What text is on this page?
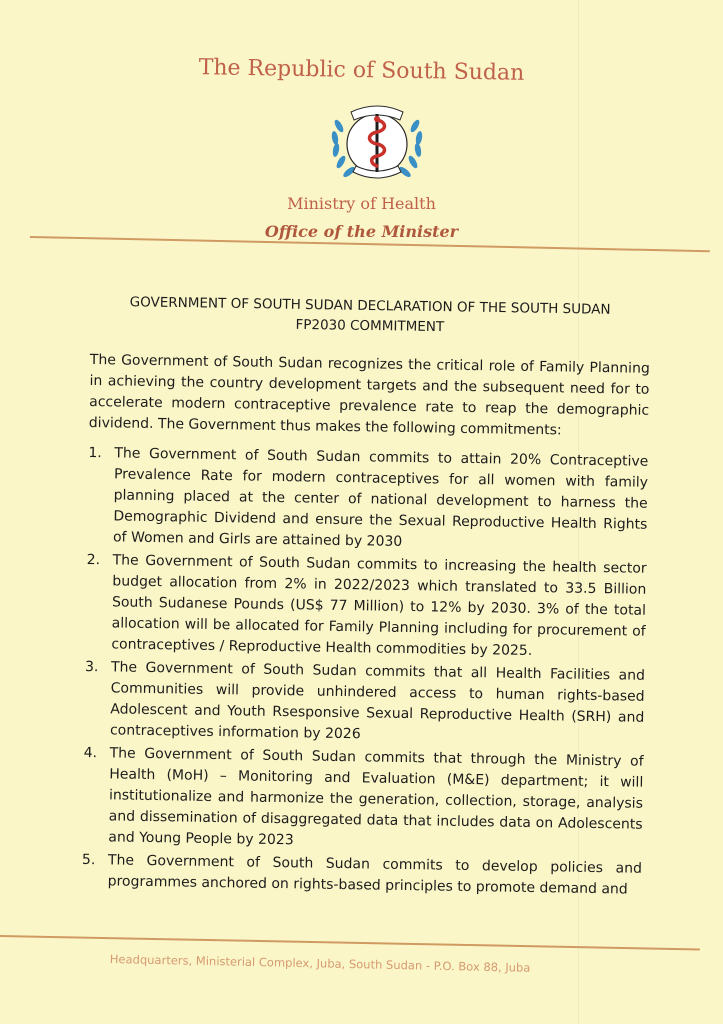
The Republic of South Sudan
Ministry of Health
Office of the Minister
GOVERNMENT OF SOUTH SUDAN DECLARATION OF THE SOUTH SUDAN
FP2030 COMMITMENT

The Government of South Sudan recognizes the critical role of Family Planning in achieving the country development targets and the subsequent need for to accelerate modern contraceptive prevalence rate to reap the demographic dividend. The Government thus makes the following commitments:

1. The Government of South Sudan commits to attain 20% Contraceptive Prevalence Rate for modern contraceptives for all women with family planning placed at the center of national development to harness the Demographic Dividend and ensure the Sexual Reproductive Health Rights of Women and Girls are attained by 2030
2. The Government of South Sudan commits to increasing the health sector budget allocation from 2% in 2022/2023 which translated to 33.5 Billion South Sudanese Pounds (US$ 77 Million) to 12% by 2030. 3% of the total allocation will be allocated for Family Planning including for procurement of contraceptives / Reproductive Health commodities by 2025.
3. The Government of South Sudan commits that all Health Facilities and Communities will provide unhindered access to human rights-based Adolescent and Youth Rsesponsive Sexual Reproductive Health (SRH) and contraceptives information by 2026
4. The Government of South Sudan commits that through the Ministry of Health (MoH) – Monitoring and Evaluation (M&E) department; it will institutionalize and harmonize the generation, collection, storage, analysis and dissemination of disaggregated data that includes data on Adolescents and Young People by 2023
5. The Government of South Sudan commits to develop policies and programmes anchored on rights-based principles to promote demand and
Headquarters, Ministerial Complex, Juba, South Sudan - P.O. Box 88, Juba
